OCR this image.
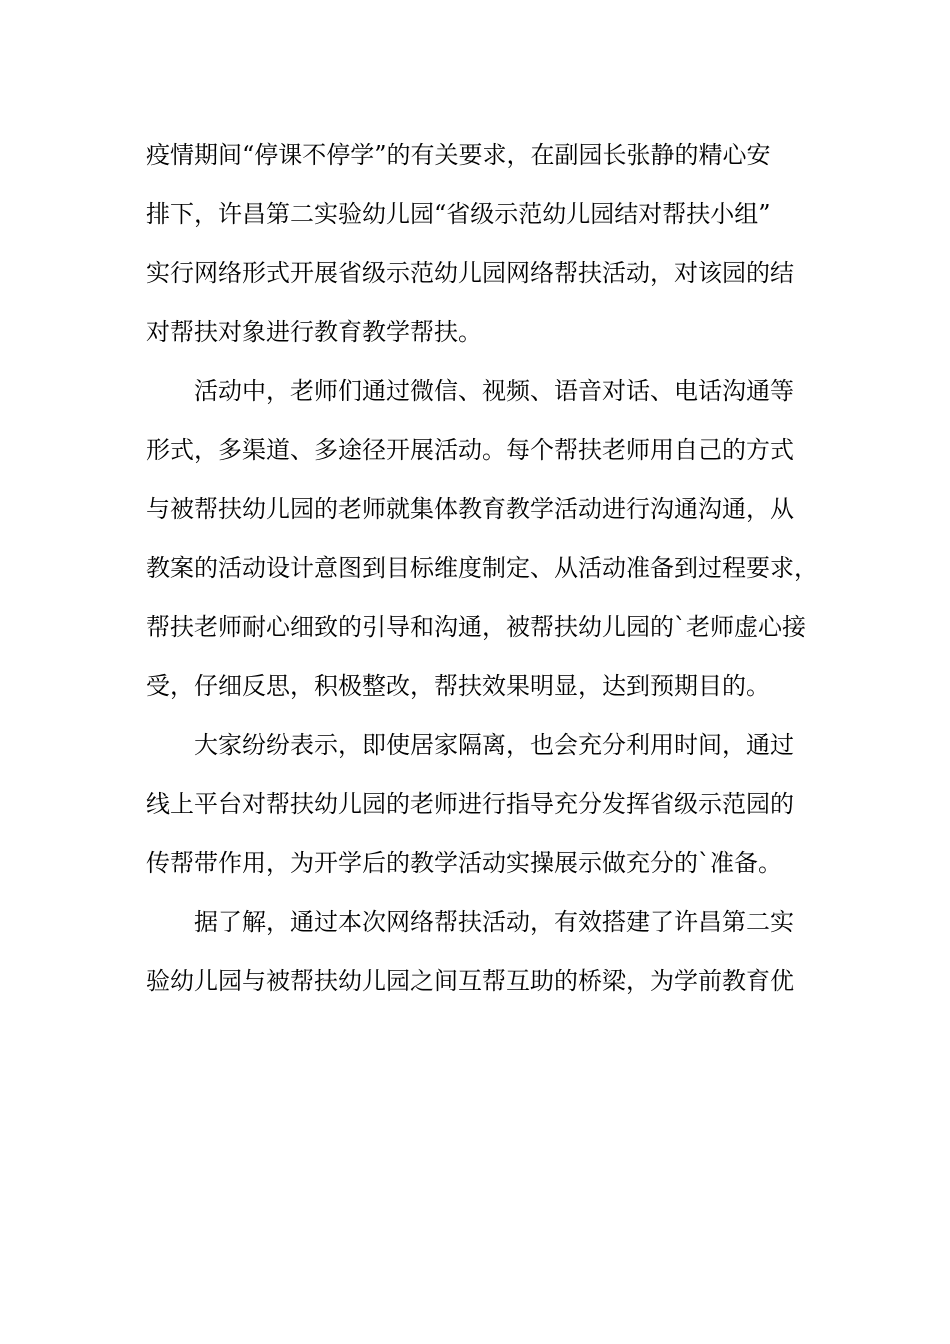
疫情期间“停课不停学”的有关要求，在副园长张静的精心安
排下，许昌第二实验幼儿园“省级示范幼儿园结对帮扶小组”
实行网络形式开展省级示范幼儿园网络帮扶活动，对该园的结
对帮扶对象进行教育教学帮扶。
活动中，老师们通过微信、视频、语音对话、电话沟通等
形式，多渠道、多途径开展活动。每个帮扶老师用自己的方式
与被帮扶幼儿园的老师就集体教育教学活动进行沟通沟通，从
教案的活动设计意图到目标维度制定、从活动准备到过程要求，
帮扶老师耐心细致的引导和沟通，被帮扶幼儿园的`老师虚心接
受，仔细反思，积极整改，帮扶效果明显，达到预期目的。
大家纷纷表示，即使居家隔离，也会充分利用时间，通过
线上平台对帮扶幼儿园的老师进行指导充分发挥省级示范园的
传帮带作用，为开学后的教学活动实操展示做充分的`准备。
据了解，通过本次网络帮扶活动，有效搭建了许昌第二实
验幼儿园与被帮扶幼儿园之间互帮互助的桥梁，为学前教育优
